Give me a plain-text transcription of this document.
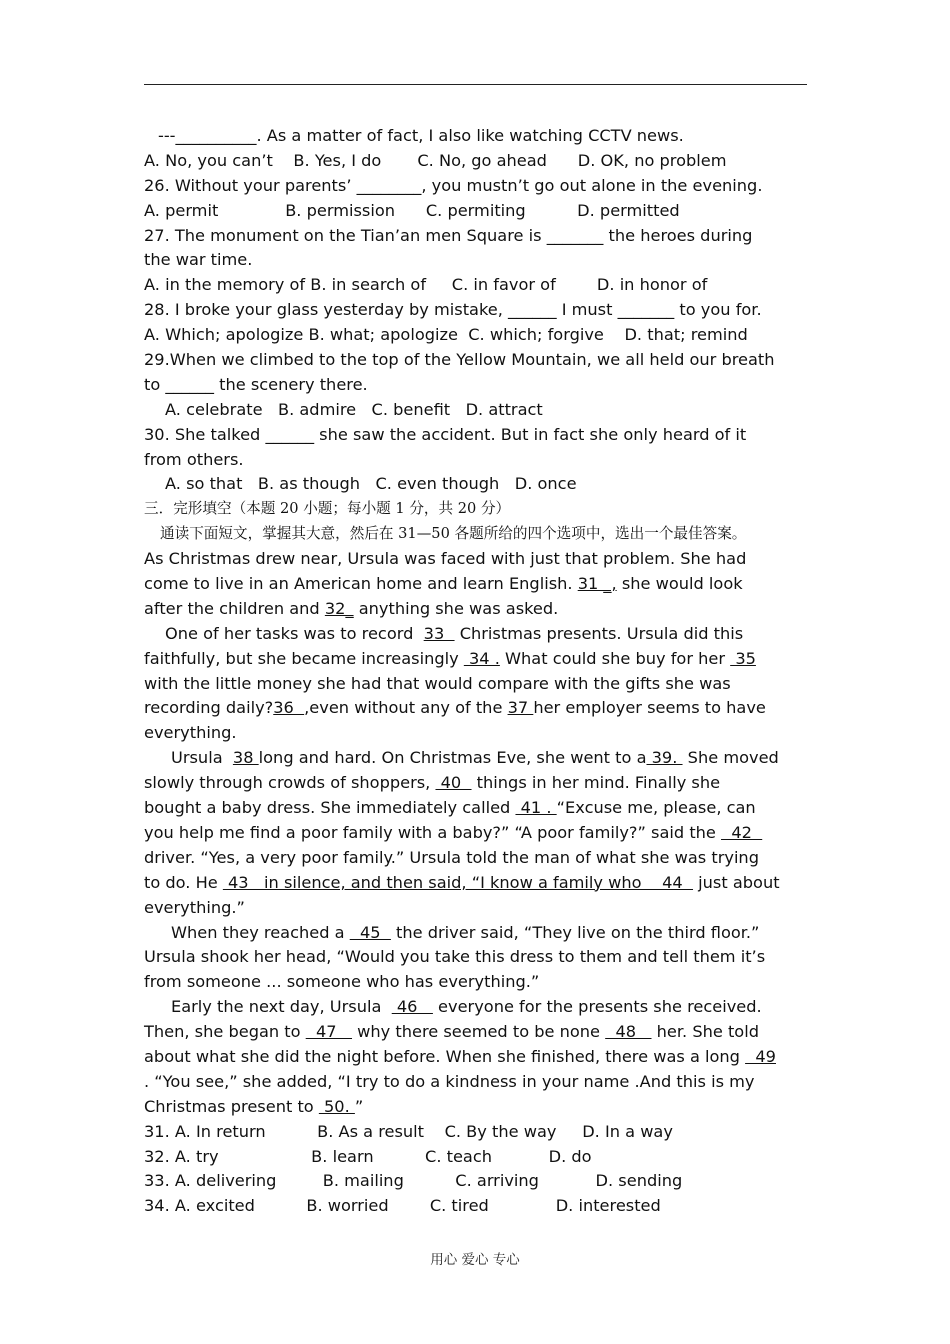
---__________. As a matter of fact, I also like watching CCTV news.
A. No, you can’t    B. Yes, I do       C. No, go ahead      D. OK, no problem
26. Without your parents’ ________, you mustn’t go out alone in the evening.
A. permit             B. permission      C. permiting          D. permitted
27. The monument on the Tian’an men Square is _______ the heroes during
the war time.
A. in the memory of B. in search of     C. in favor of        D. in honor of
28. I broke your glass yesterday by mistake, ______ I must _______ to you for.
A. Which; apologize B. what; apologize  C. which; forgive    D. that; remind
29.When we climbed to the top of the Yellow Mountain, we all held our breath
to ______ the scenery there.
A. celebrate   B. admire   C. benefit   D. attract
30. She talked ______ she saw the accident. But in fact she only heard of it
from others.
A. so that   B. as though   C. even though   D. once
三．完形填空（本题 20 小题；每小题 1 分，共 20 分）
通读下面短文，掌握其大意，然后在 31—50 各题所给的四个选项中，选出一个最佳答案。
As Christmas drew near, Ursula was faced with just that problem. She had
come to live in an American home and learn English. 31 _, she would look
after the children and 32_ anything she was asked.
One of her tasks was to record  33   Christmas presents. Ursula did this
faithfully, but she became increasingly  34 . What could she buy for her  35
with the little money she had that would compare with the gifts she was
recording daily?36  ,even without any of the 37 her employer seems to have
everything.
Ursula  38 long and hard. On Christmas Eve, she went to a 39.  She moved
slowly through crowds of shoppers,  40   things in her mind. Finally she
bought a baby dress. She immediately called  41 . “Excuse me, please, can
you help me find a poor family with a baby?” “A poor family?” said the   42
driver. “Yes, a very poor family.” Ursula told the man of what she was trying
to do. He  43   in silence, and then said, “I know a family who    44   just about
everything.”
When they reached a   45   the driver said, “They live on the third floor.”
Ursula shook her head, “Would you take this dress to them and tell them it’s
from someone ... someone who has everything.”
Early the next day, Ursula   46    everyone for the presents she received.
Then, she began to   47    why there seemed to be none   48    her. She told
about what she did the night before. When she finished, there was a long   49
. “You see,” she added, “I try to do a kindness in your name .And this is my
Christmas present to  50. ”
31. A. In return          B. As a result    C. By the way     D. In a way
32. A. try                  B. learn          C. teach           D. do
33. A. delivering         B. mailing          C. arriving           D. sending
34. A. excited          B. worried        C. tired             D. interested
用心 爱心 专心
